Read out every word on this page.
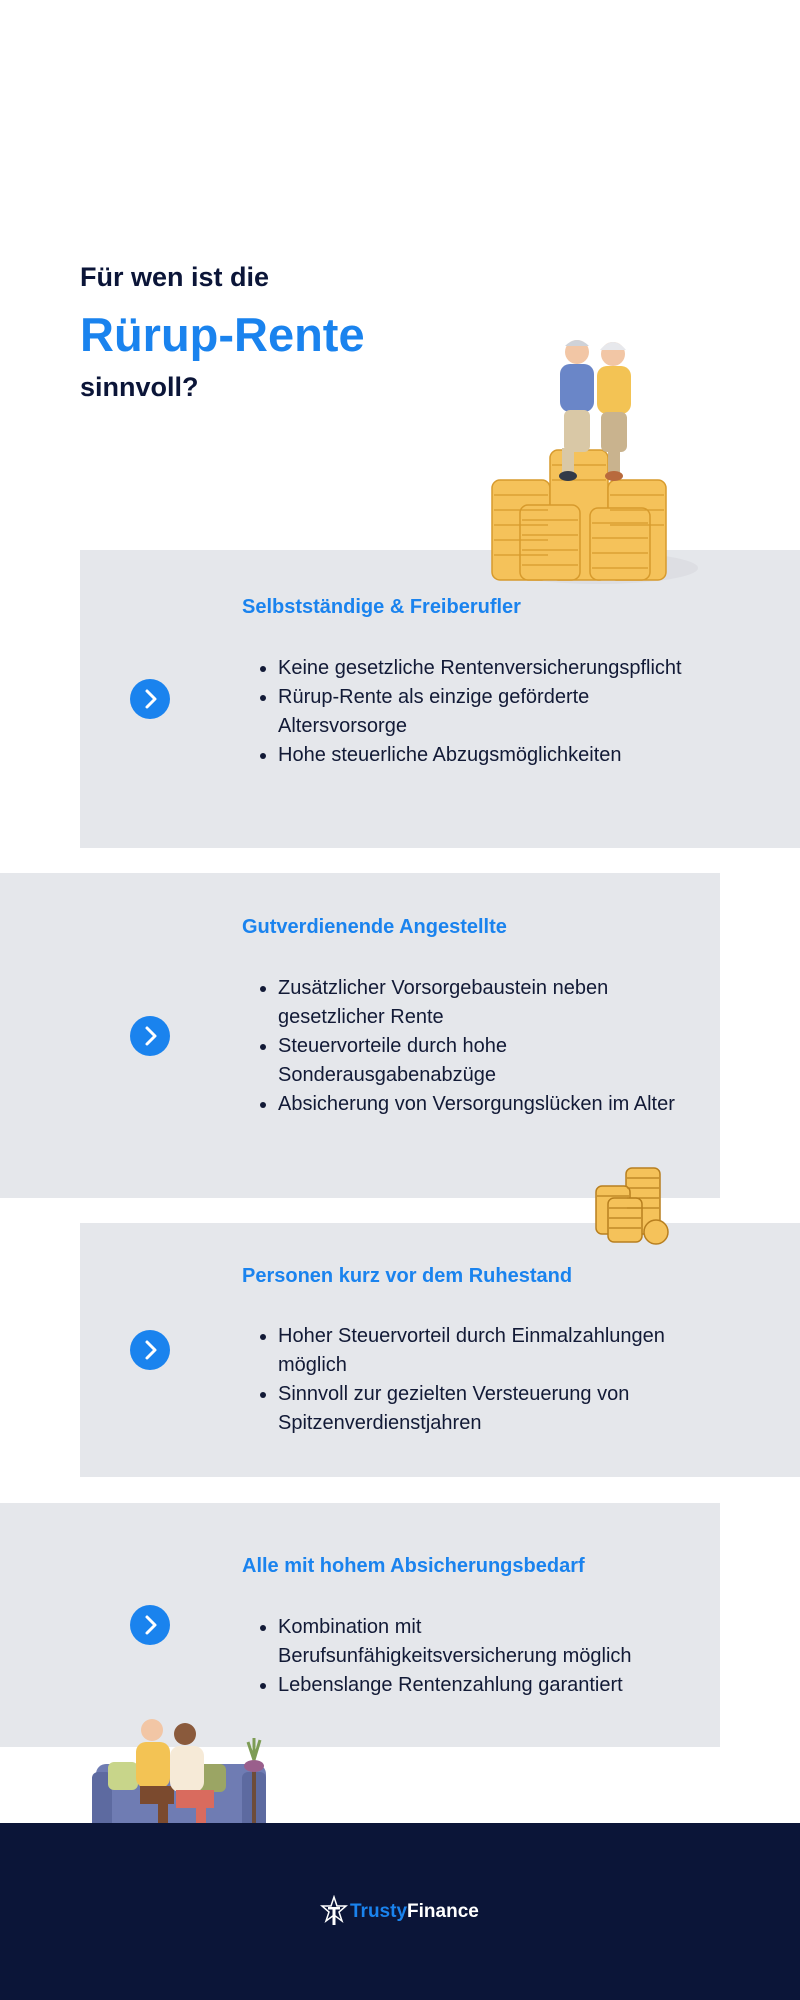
Für wen ist die
Rürup-Rente
sinnvoll?
Selbstständige & Freiberufler
• Keine gesetzliche Rentenversicherungspflicht
• Rürup-Rente als einzige geförderte Altersvorsorge
• Hohe steuerliche Abzugsmöglichkeiten
Gutverdienende Angestellte
• Zusätzlicher Vorsorgebaustein neben gesetzlicher Rente
• Steuervorteile durch hohe Sonderausgabenabzüge
• Absicherung von Versorgungslücken im Alter
Personen kurz vor dem Ruhestand
• Hoher Steuervorteil durch Einmalzahlungen möglich
• Sinnvoll zur gezielten Versteuerung von Spitzenverdienstjahren
Alle mit hohem Absicherungsbedarf
• Kombination mit Berufsunfähigkeitsversicherung möglich
• Lebenslange Rentenzahlung garantiert
Trusty Finance
